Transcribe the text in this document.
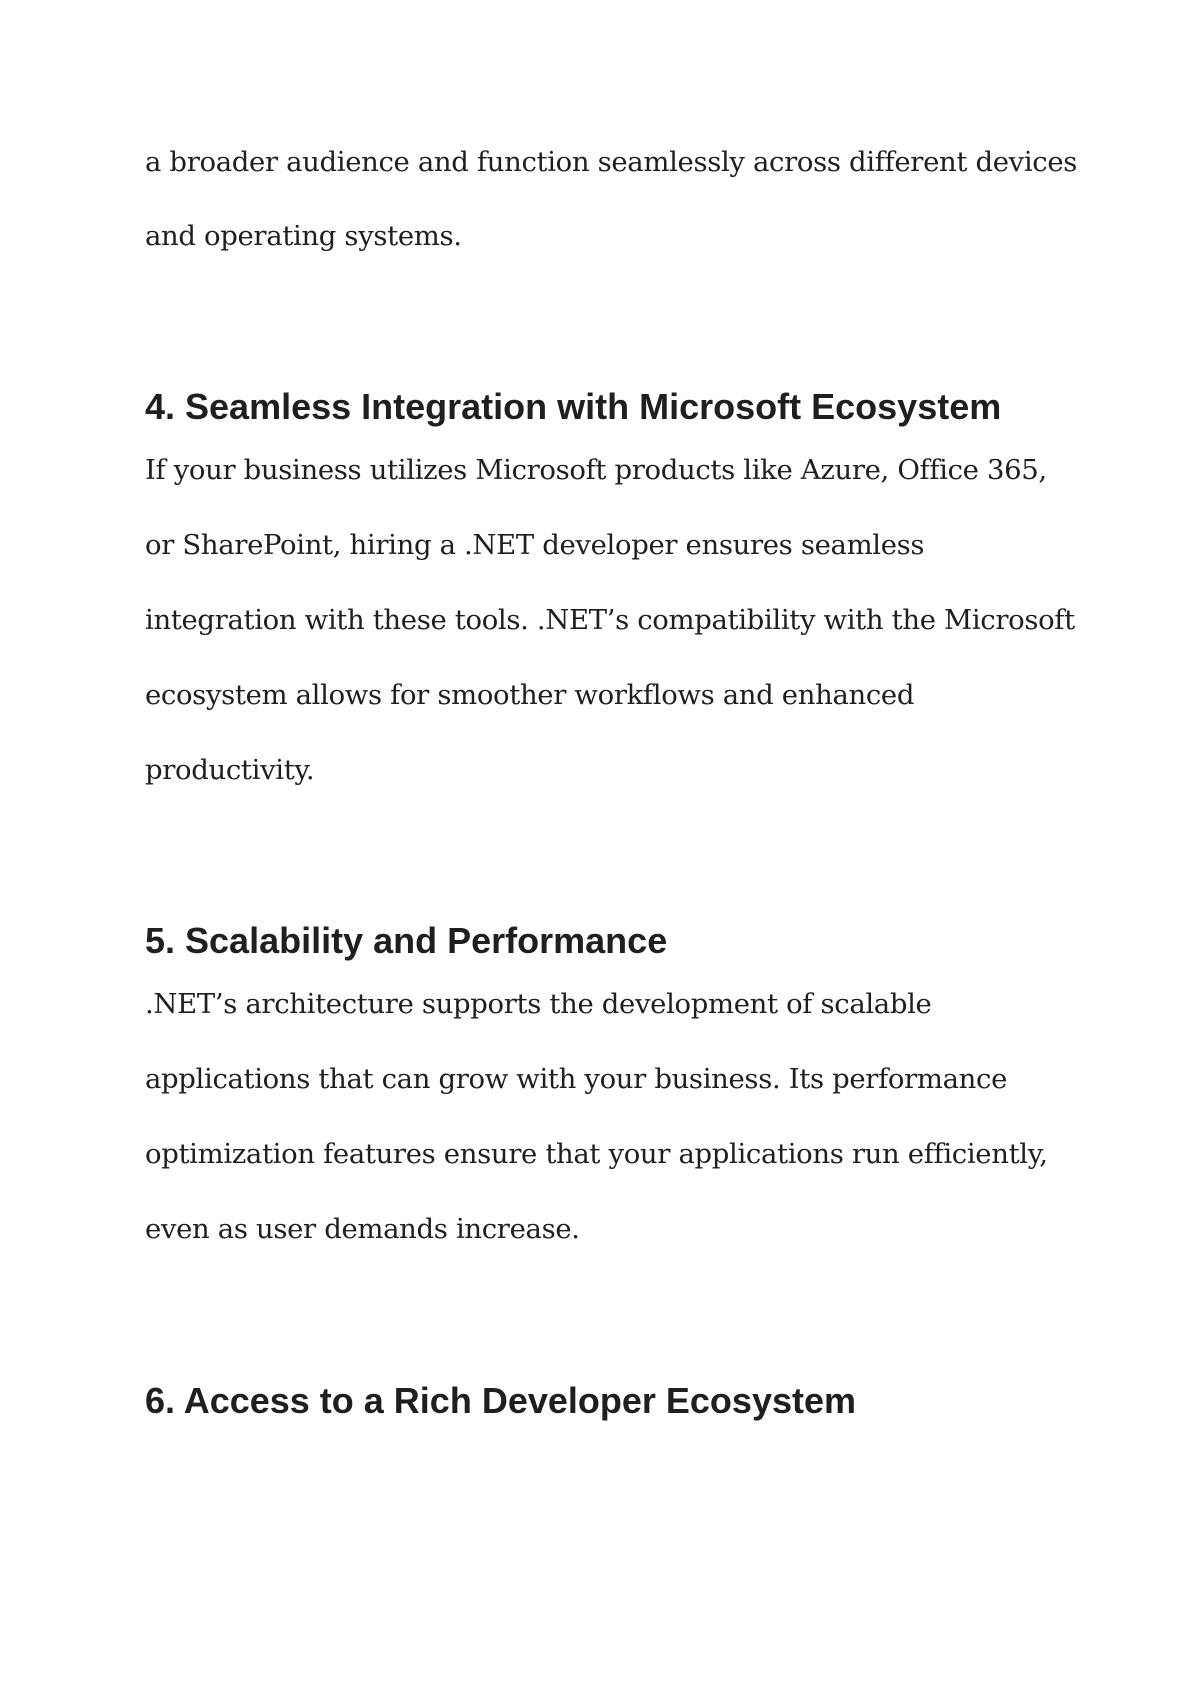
a broader audience and function seamlessly across different devices

and operating systems.

4. Seamless Integration with Microsoft Ecosystem

If your business utilizes Microsoft products like Azure, Office 365,

or SharePoint, hiring a .NET developer ensures seamless

integration with these tools. .NET’s compatibility with the Microsoft

ecosystem allows for smoother workflows and enhanced

productivity.

5. Scalability and Performance

.NET’s architecture supports the development of scalable

applications that can grow with your business. Its performance

optimization features ensure that your applications run efficiently,

even as user demands increase.

6. Access to a Rich Developer Ecosystem
